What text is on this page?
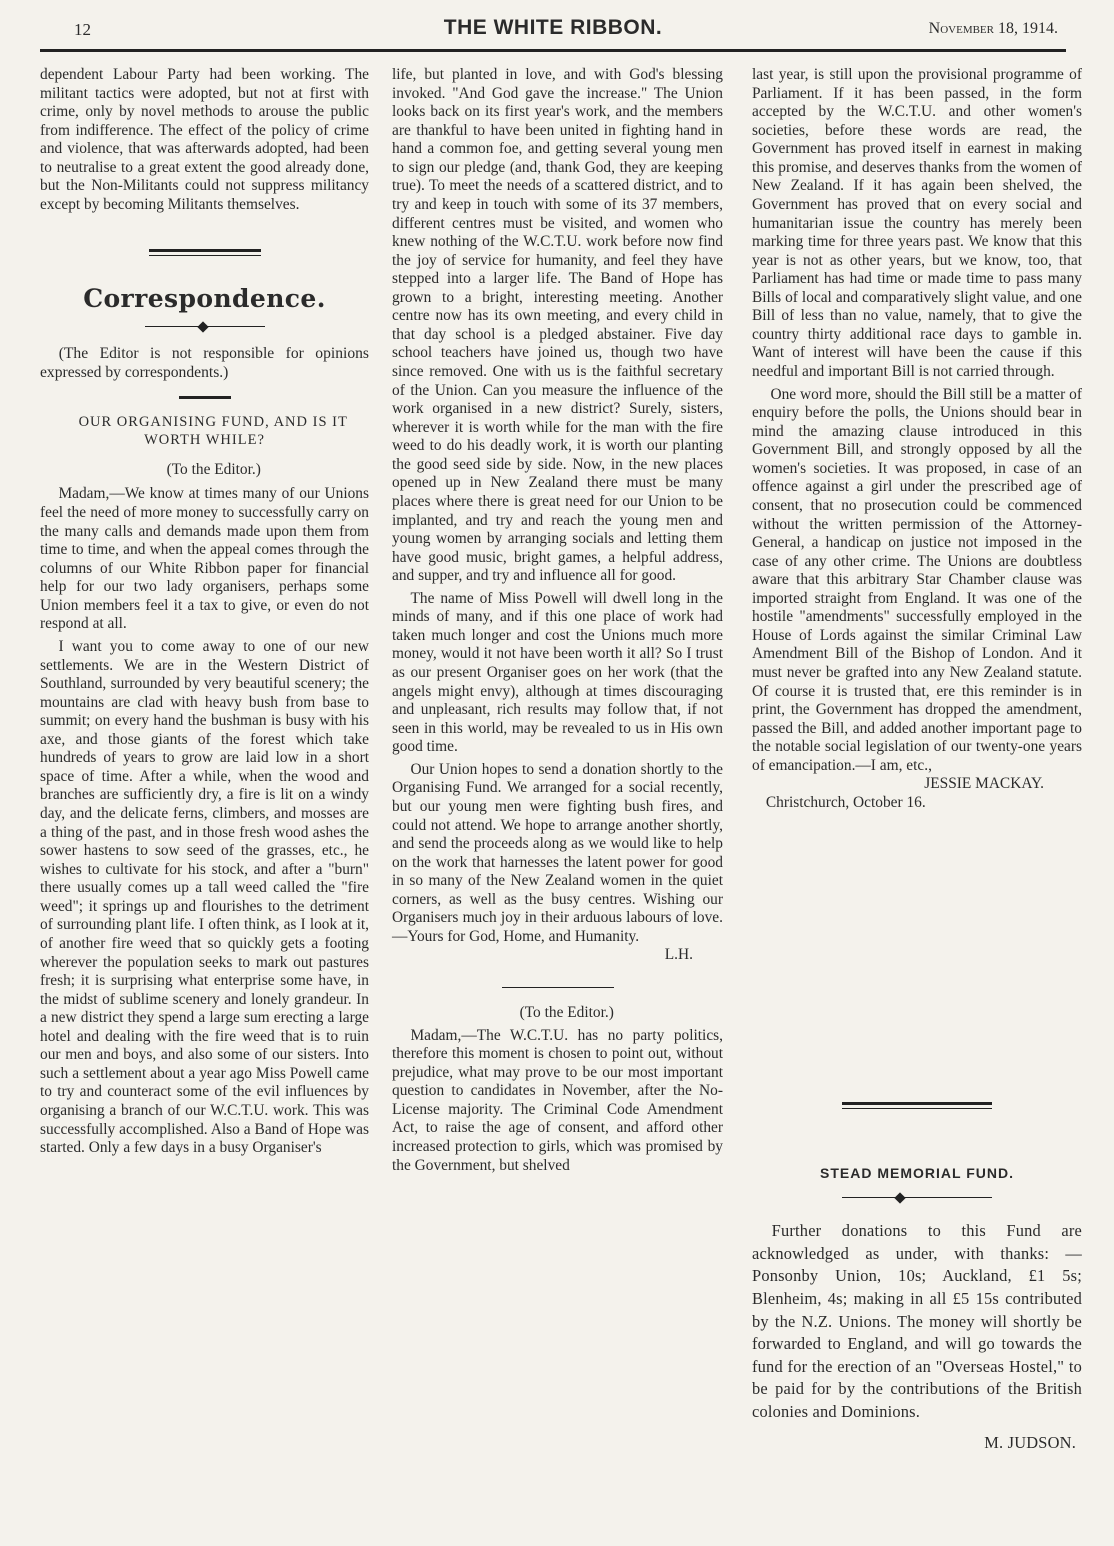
12	THE WHITE RIBBON.	November 18, 1914.

dependent Labour Party had been working. The militant tactics were adopted, but not at first with crime, only by novel methods to arouse the public from indifference. The effect of the policy of crime and violence, that was afterwards adopted, had been to neutralise to a great extent the good already done, but the Non-Militants could not suppress militancy except by becoming Militants themselves.

Correspondence.

(The Editor is not responsible for opinions expressed by correspondents.)

OUR ORGANISING FUND, AND IS IT WORTH WHILE?

(To the Editor.)

Madam,—We know at times many of our Unions feel the need of more money to successfully carry on the many calls and demands made upon them from time to time, and when the appeal comes through the columns of our White Ribbon paper for financial help for our two lady organisers, perhaps some Union members feel it a tax to give, or even do not respond at all.

I want you to come away to one of our new settlements. We are in the Western District of Southland, surrounded by very beautiful scenery; the mountains are clad with heavy bush from base to summit; on every hand the bushman is busy with his axe, and those giants of the forest which take hundreds of years to grow are laid low in a short space of time. After a while, when the wood and branches are sufficiently dry, a fire is lit on a windy day, and the delicate ferns, climbers, and mosses are a thing of the past, and in those fresh wood ashes the sower hastens to sow seed of the grasses, etc., he wishes to cultivate for his stock, and after a "burn" there usually comes up a tall weed called the "fire weed"; it springs up and flourishes to the detriment of surrounding plant life. I often think, as I look at it, of another fire weed that so quickly gets a footing wherever the population seeks to mark out pastures fresh; it is surprising what enterprise some have, in the midst of sublime scenery and lonely grandeur. In a new district they spend a large sum erecting a large hotel and dealing with the fire weed that is to ruin our men and boys, and also some of our sisters. Into such a settlement about a year ago Miss Powell came to try and counteract some of the evil influences by organising a branch of our W.C.T.U. work. This was successfully accomplished. Also a Band of Hope was started. Only a few days in a busy Organiser's

life, but planted in love, and with God's blessing invoked. "And God gave the increase." The Union looks back on its first year's work, and the members are thankful to have been united in fighting hand in hand a common foe, and getting several young men to sign our pledge (and, thank God, they are keeping true). To meet the needs of a scattered district, and to try and keep in touch with some of its 37 members, different centres must be visited, and women who knew nothing of the W.C.T.U. work before now find the joy of service for humanity, and feel they have stepped into a larger life. The Band of Hope has grown to a bright, interesting meeting. Another centre now has its own meeting, and every child in that day school is a pledged abstainer. Five day school teachers have joined us, though two have since removed. One with us is the faithful secretary of the Union. Can you measure the influence of the work organised in a new district? Surely, sisters, wherever it is worth while for the man with the fire weed to do his deadly work, it is worth our planting the good seed side by side. Now, in the new places opened up in New Zealand there must be many places where there is great need for our Union to be implanted, and try and reach the young men and young women by arranging socials and letting them have good music, bright games, a helpful address, and supper, and try and influence all for good.

The name of Miss Powell will dwell long in the minds of many, and if this one place of work had taken much longer and cost the Unions much more money, would it not have been worth it all? So I trust as our present Organiser goes on her work (that the angels might envy), although at times discouraging and unpleasant, rich results may follow that, if not seen in this world, may be revealed to us in His own good time.

Our Union hopes to send a donation shortly to the Organising Fund. We arranged for a social recently, but our young men were fighting bush fires, and could not attend. We hope to arrange another shortly, and send the proceeds along as we would like to help on the work that harnesses the latent power for good in so many of the New Zealand women in the quiet corners, as well as the busy centres. Wishing our Organisers much joy in their arduous labours of love.—Yours for God, Home, and Humanity.

L.H.

(To the Editor.)

Madam,—The W.C.T.U. has no party politics, therefore this moment is chosen to point out, without prejudice, what may prove to be our most important question to candidates in November, after the No-License majority. The Criminal Code Amendment Act, to raise the age of consent, and afford other increased protection to girls, which was promised by the Government, but shelved

last year, is still upon the provisional programme of Parliament. If it has been passed, in the form accepted by the W.C.T.U. and other women's societies, before these words are read, the Government has proved itself in earnest in making this promise, and deserves thanks from the women of New Zealand. If it has again been shelved, the Government has proved that on every social and humanitarian issue the country has merely been marking time for three years past. We know that this year is not as other years, but we know, too, that Parliament has had time or made time to pass many Bills of local and comparatively slight value, and one Bill of less than no value, namely, that to give the country thirty additional race days to gamble in. Want of interest will have been the cause if this needful and important Bill is not carried through.

One word more, should the Bill still be a matter of enquiry before the polls, the Unions should bear in mind the amazing clause introduced in this Government Bill, and strongly opposed by all the women's societies. It was proposed, in case of an offence against a girl under the prescribed age of consent, that no prosecution could be commenced without the written permission of the Attorney-General, a handicap on justice not imposed in the case of any other crime. The Unions are doubtless aware that this arbitrary Star Chamber clause was imported straight from England. It was one of the hostile "amendments" successfully employed in the House of Lords against the similar Criminal Law Amendment Bill of the Bishop of London. And it must never be grafted into any New Zealand statute. Of course it is trusted that, ere this reminder is in print, the Government has dropped the amendment, passed the Bill, and added another important page to the notable social legislation of our twenty-one years of emancipation.—I am, etc.,

JESSIE MACKAY.

Christchurch, October 16.

STEAD MEMORIAL FUND.

Further donations to this Fund are acknowledged as under, with thanks: —Ponsonby Union, 10s; Auckland, £1 5s; Blenheim, 4s; making in all £5 15s contributed by the N.Z. Unions. The money will shortly be forwarded to England, and will go towards the fund for the erection of an "Overseas Hostel," to be paid for by the contributions of the British colonies and Dominions.

M. JUDSON.
